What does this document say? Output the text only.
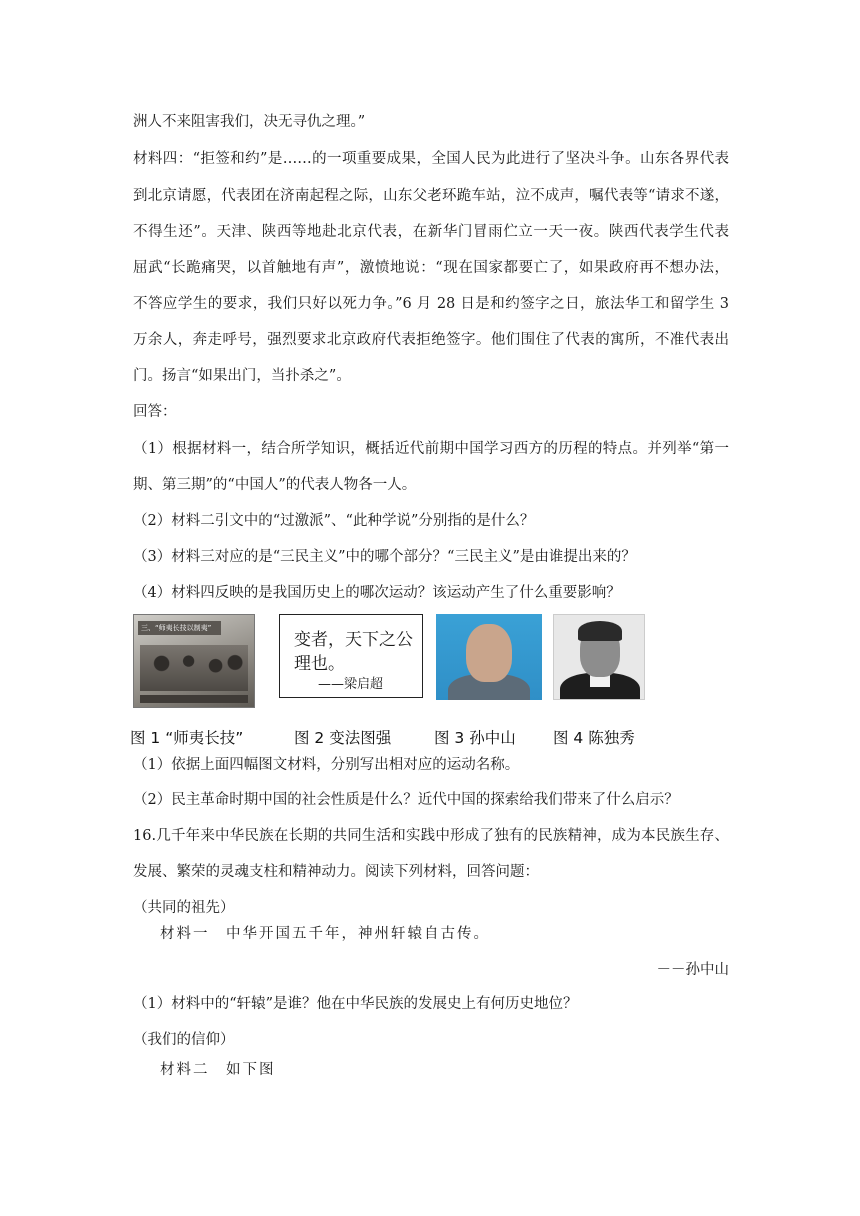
洲人不来阻害我们，决无寻仇之理。”
材料四：“拒签和约”是……的一项重要成果，全国人民为此进行了坚决斗争。山东各界代表
到北京请愿，代表团在济南起程之际，山东父老环跪车站，泣不成声，嘱代表等“请求不遂，
不得生还”。天津、陕西等地赴北京代表，在新华门冒雨伫立一天一夜。陕西代表学生代表
屈武“长跪痛哭，以首触地有声”，激愤地说：“现在国家都要亡了，如果政府再不想办法，
不答应学生的要求，我们只好以死力争。”6 月 28 日是和约签字之日，旅法华工和留学生 3
万余人，奔走呼号，强烈要求北京政府代表拒绝签字。他们围住了代表的寓所，不准代表出
门。扬言“如果出门，当扑杀之”。
回答：
（1）根据材料一，结合所学知识，概括近代前期中国学习西方的历程的特点。并列举“第一
期、第三期”的“中国人”的代表人物各一人。
（2）材料二引文中的“过激派”、“此种学说”分别指的是什么？
（3）材料三对应的是“三民主义”中的哪个部分？“三民主义”是由谁提出来的？
（4）材料四反映的是我国历史上的哪次运动？该运动产生了什么重要影响？
三、“师夷长技以制夷”
变者，天下之公
理也。
——梁启超
图 1 “师夷长技”	图 2 变法图强	图 3 孙中山 图 4 陈独秀
（1）依据上面四幅图文材料，分别写出相对应的运动名称。
（2）民主革命时期中国的社会性质是什么？近代中国的探索给我们带来了什么启示？
16.几千年来中华民族在长期的共同生活和实践中形成了独有的民族精神，成为本民族生存、
发展、繁荣的灵魂支柱和精神动力。阅读下列材料，回答问题：
（共同的祖先）
材料一　中华开国五千年，神州轩辕自古传。
－－孙中山
（1）材料中的“轩辕”是谁？他在中华民族的发展史上有何历史地位？
（我们的信仰）
材料二　如下图
